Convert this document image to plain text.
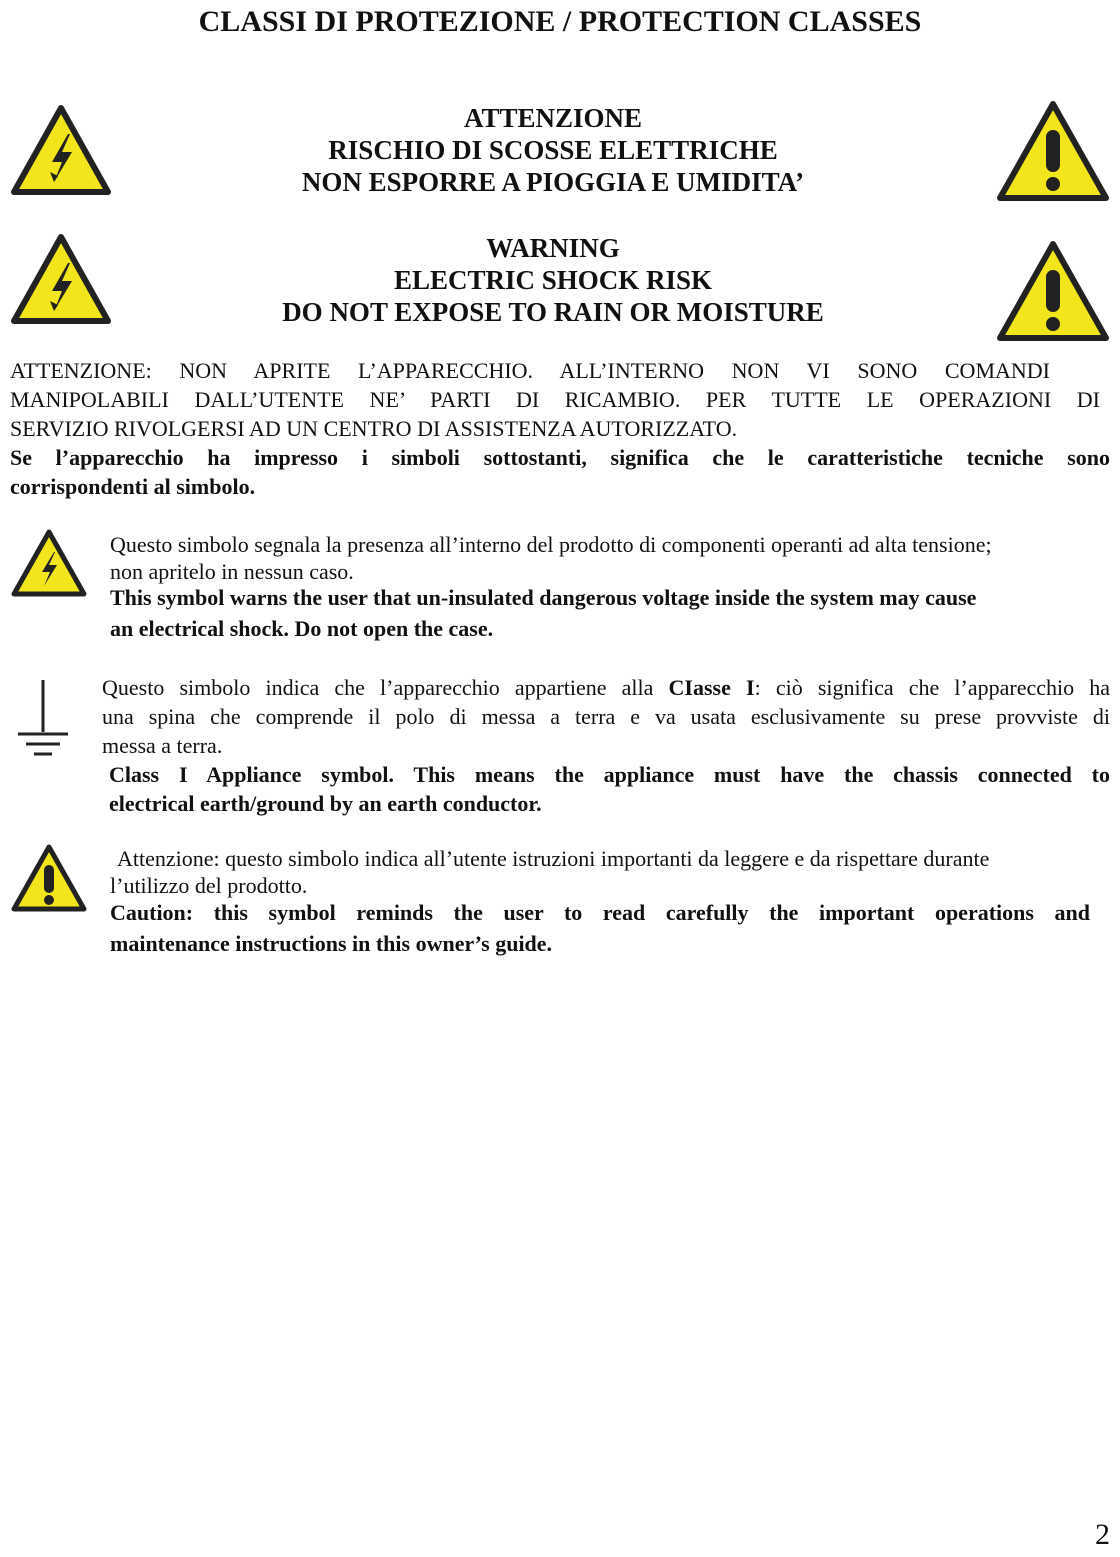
CLASSI DI PROTEZIONE / PROTECTION CLASSES
ATTENZIONE
RISCHIO DI SCOSSE ELETTRICHE
NON ESPORRE A PIOGGIA E UMIDITA’
WARNING
ELECTRIC SHOCK RISK
DO NOT EXPOSE TO RAIN OR MOISTURE
ATTENZIONE: NON APRITE L’APPARECCHIO. ALL’INTERNO NON VI SONO COMANDI
MANIPOLABILI DALL’UTENTE NE’ PARTI DI RICAMBIO. PER TUTTE LE OPERAZIONI DI
SERVIZIO RIVOLGERSI AD UN CENTRO DI ASSISTENZA AUTORIZZATO.
Se l’apparecchio ha impresso i simboli sottostanti, significa che le caratteristiche tecniche sono
corrispondenti al simbolo.
Questo simbolo segnala la presenza all’interno del prodotto di componenti operanti ad alta tensione;
non apritelo in nessun caso.
This symbol warns the user that un-insulated dangerous voltage inside the system may cause
an electrical shock. Do not open the case.
Questo simbolo indica che l’apparecchio appartiene alla CIasse I: ciò significa che l’apparecchio ha
una spina che comprende il polo di messa a terra e va usata esclusivamente su prese provviste di
messa a terra.
Class I Appliance symbol. This means the appliance must have the chassis connected to
electrical earth/ground by an earth conductor.
Attenzione: questo simbolo indica all’utente istruzioni importanti da leggere e da rispettare durante
l’utilizzo del prodotto.
Caution: this symbol reminds the user to read carefully the important operations and
maintenance instructions in this owner’s guide.
2
